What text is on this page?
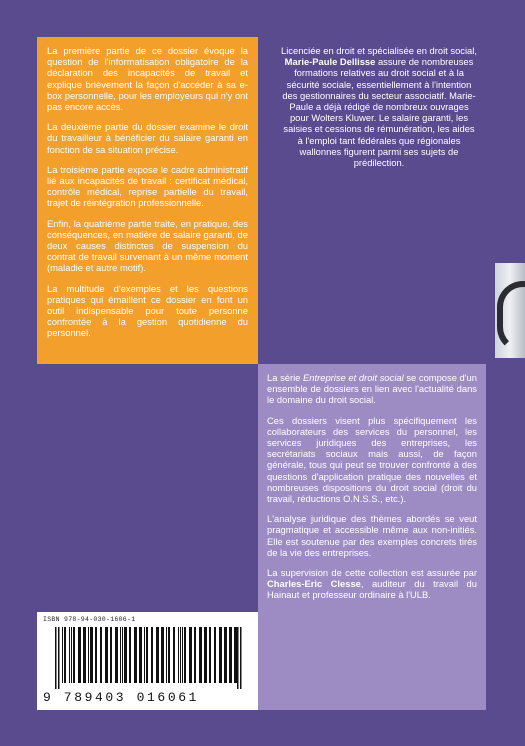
La première partie de ce dossier évoque la question de l'informatisation obligatoire de la déclaration des incapacités de travail et explique brièvement la façon d'accéder à sa e-box personnelle, pour les employeurs qui n'y ont pas encore accès.

La deuxième partie du dossier examine le droit du travailleur à bénéficier du salaire garanti en fonction de sa situation précise.

La troisième partie expose le cadre administratif lié aux incapacités de travail : certificat médical, contrôle médical, reprise partielle du travail, trajet de réintégration professionnelle.

Enfin, la quatrième partie traite, en pratique, des conséquences, en matière de salaire garanti, de deux causes distinctes de suspension du contrat de travail survenant à un même moment (maladie et autre motif).

La multitude d'exemples et les questions pratiques qui émaillent ce dossier en font un outil indispensable pour toute personne confrontée à la gestion quotidienne du personnel.

Licenciée en droit et spécialisée en droit social, Marie-Paule Dellisse assure de nombreuses formations relatives au droit social et à la sécurité sociale, essentiellement à l'intention des gestionnaires du secteur associatif. Marie-Paule a déjà rédigé de nombreux ouvrages pour Wolters Kluwer. Le salaire garanti, les saisies et cessions de rémunération, les aides à l'emploi tant fédérales que régionales wallonnes figurent parmi ses sujets de prédilection.

La série Entreprise et droit social se compose d'un ensemble de dossiers en lien avec l'actualité dans le domaine du droit social.

Ces dossiers visent plus spécifiquement les collaborateurs des services du personnel, les services juridiques des entreprises, les secrétariats sociaux mais aussi, de façon générale, tous qui peut se trouver confronté à des questions d'application pratique des nouvelles et nombreuses dispositions du droit social (droit du travail, réductions O.N.S.S., etc.).

L'analyse juridique des thèmes abordés se veut pragmatique et accessible même aux non-initiés. Elle est soutenue par des exemples concrets tirés de la vie des entreprises.

La supervision de cette collection est assurée par Charles-Eric Clesse, auditeur du travail du Hainaut et professeur ordinaire à l'ULB.

ISBN 978-94-030-1606-1
9 789403 016061
